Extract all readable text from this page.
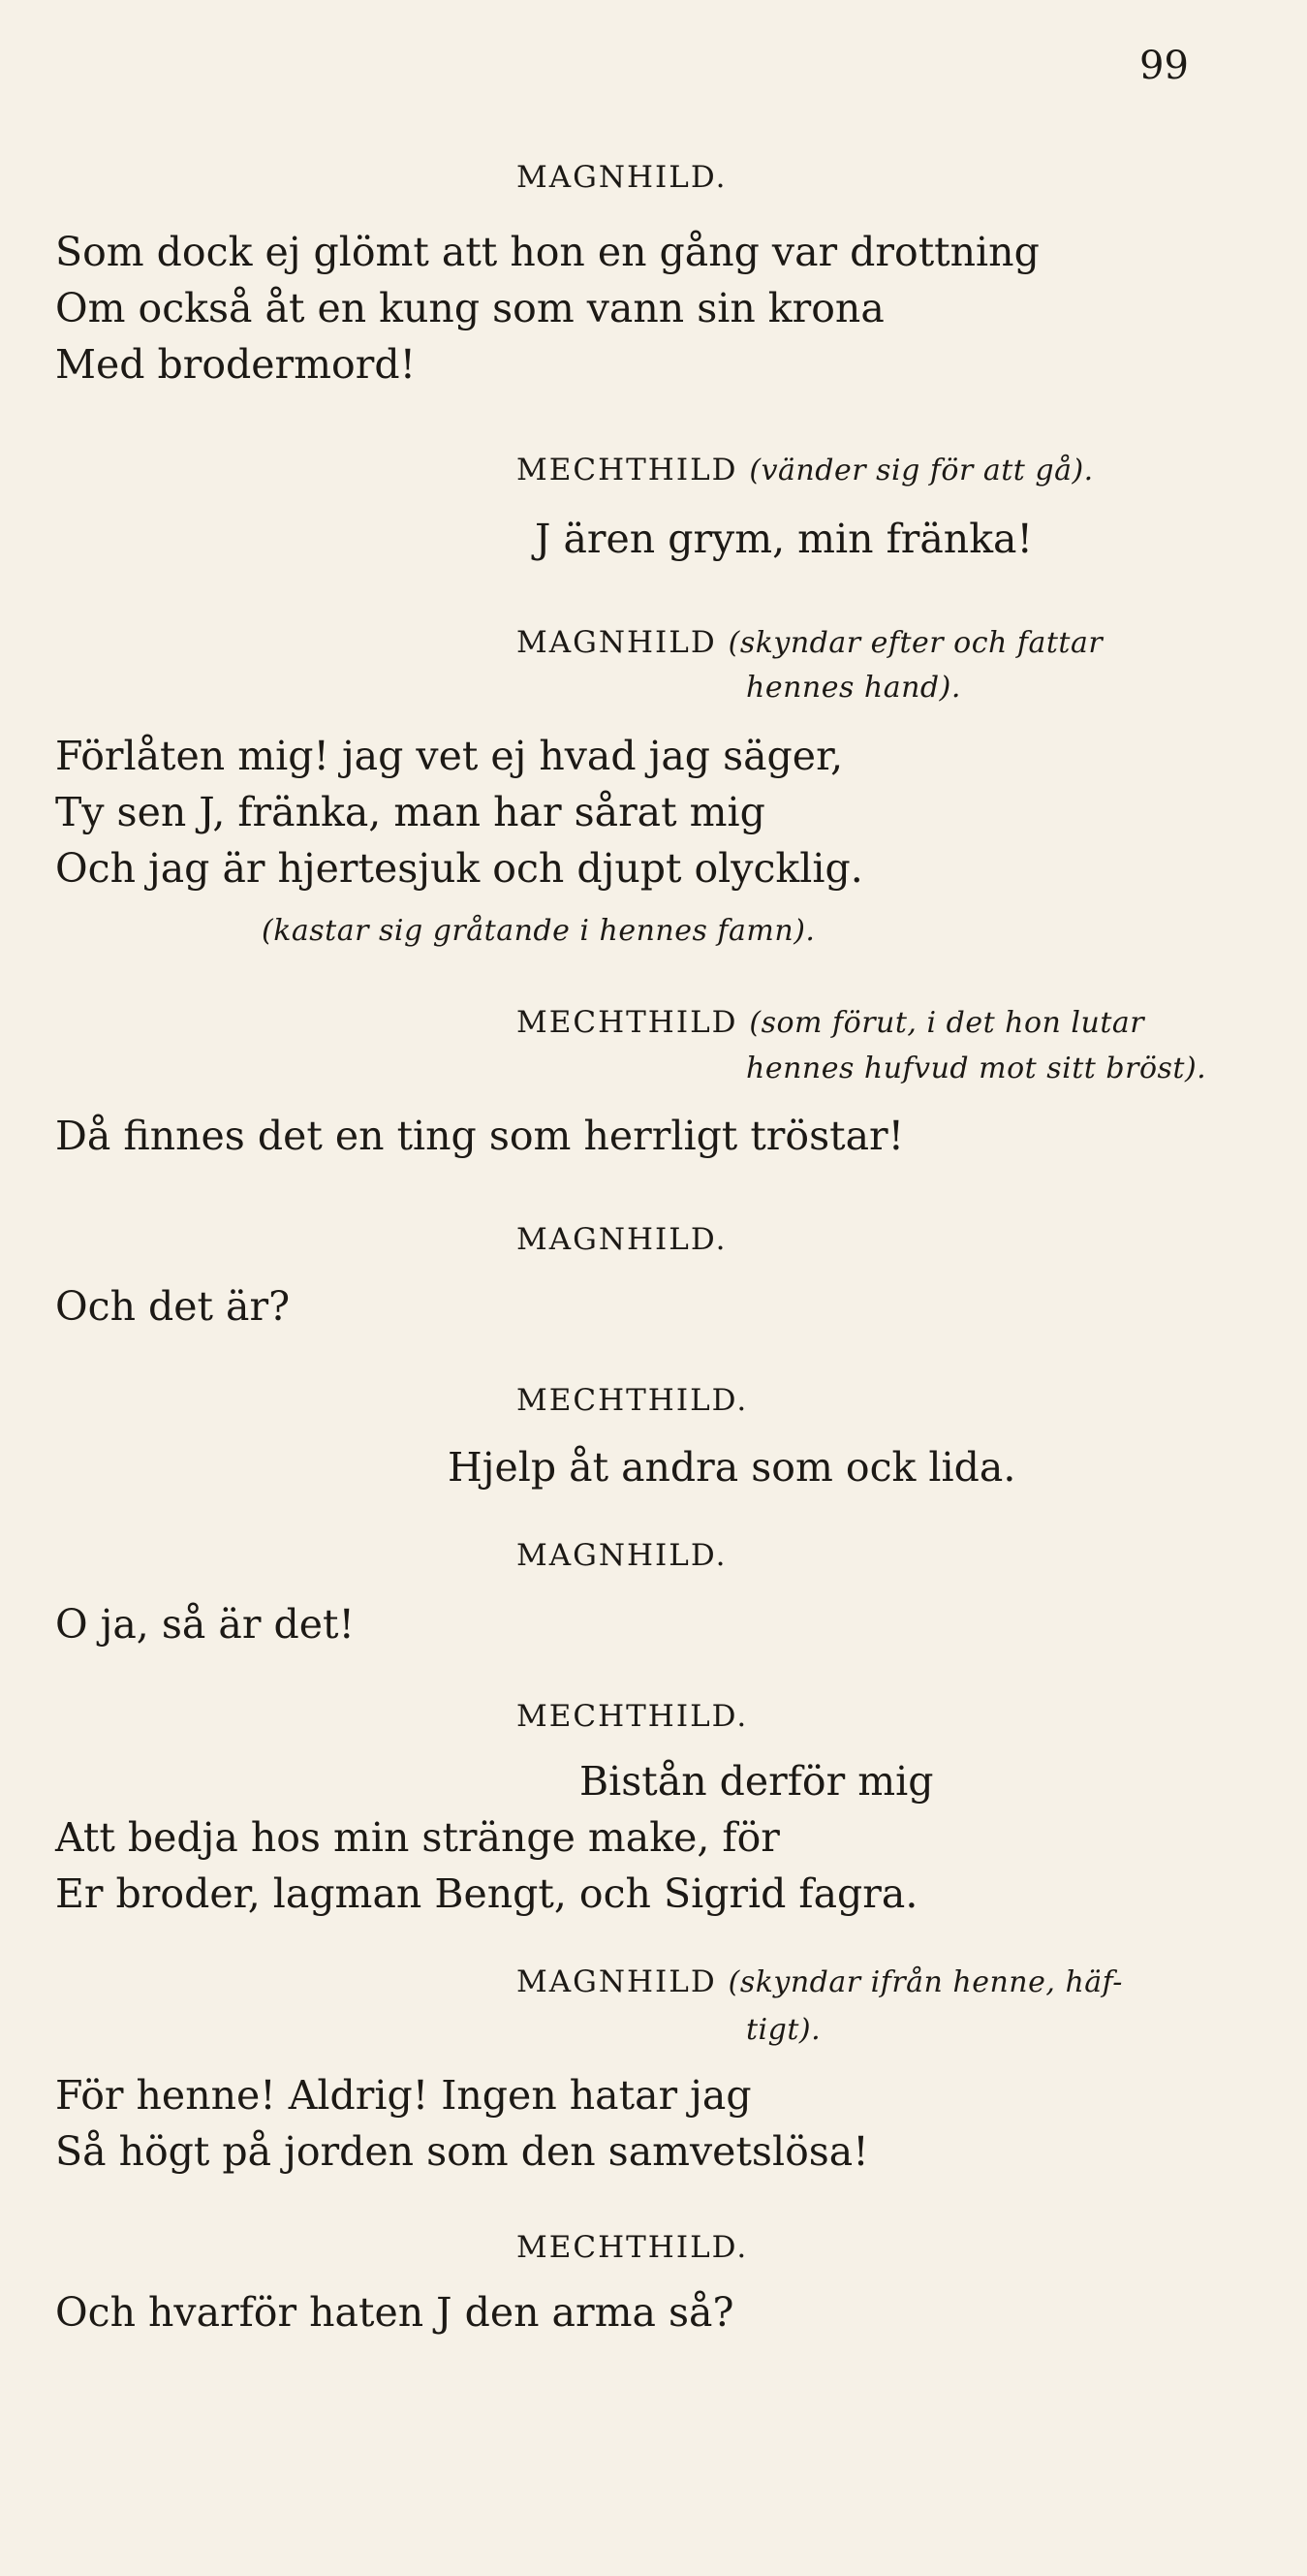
99
MAGNHILD.
Som dock ej glömt att hon en gång var drottning
Om också åt en kung som vann sin krona
Med brodermord!
MECHTHILD (vänder sig för att gå).
J ären grym, min fränka!
MAGNHILD (skyndar efter och fattar
hennes hand).
Förlåten mig! jag vet ej hvad jag säger,
Ty sen J, fränka, man har sårat mig
Och jag är hjertesjuk och djupt olycklig.
(kastar sig gråtande i hennes famn).
MECHTHILD (som förut, i det hon lutar
hennes hufvud mot sitt bröst).
Då finnes det en ting som herrligt tröstar!
MAGNHILD.
Och det är?
MECHTHILD.
Hjelp åt andra som ock lida.
MAGNHILD.
O ja, så är det!
MECHTHILD.
Bistån derför mig
Att bedja hos min stränge make, för
Er broder, lagman Bengt, och Sigrid fagra.
MAGNHILD (skyndar ifrån henne, häf-
tigt).
För henne! Aldrig! Ingen hatar jag
Så högt på jorden som den samvetslösa!
MECHTHILD.
Och hvarför haten J den arma så?
